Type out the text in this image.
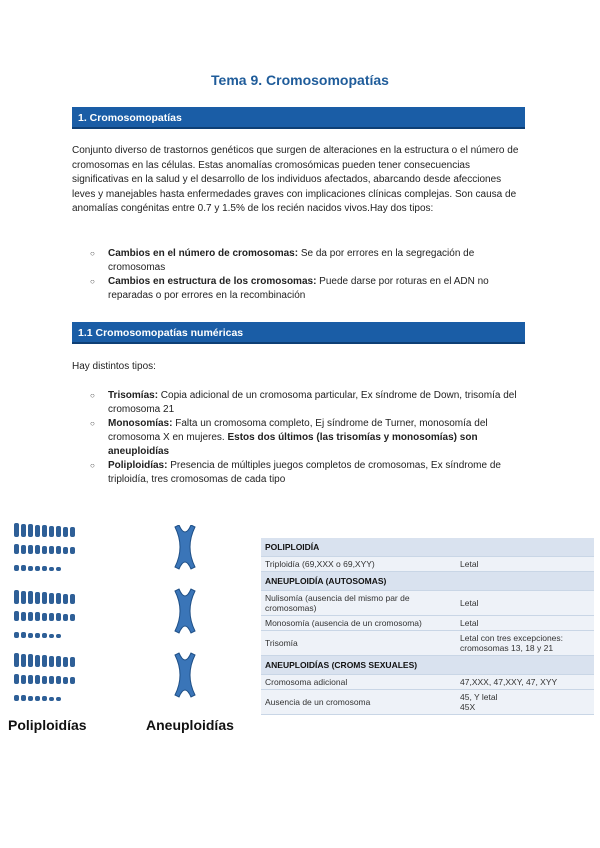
Tema 9. Cromosomopatías
1. Cromosomopatías

Conjunto diverso de trastornos genéticos que surgen de alteraciones en la estructura o el número de cromosomas en las células. Estas anomalías cromosómicas pueden tener consecuencias significativas en la salud y el desarrollo de los individuos afectados, abarcando desde afecciones leves y manejables hasta enfermedades graves con implicaciones clínicas complejas. Son causa de anomalías congénitas entre 0.7 y 1.5% de los recién nacidos vivos.Hay dos tipos:

○ Cambios en el número de cromosomas: Se da por errores en la segregación de cromosomas
○ Cambios en estructura de los cromosomas: Puede darse por roturas en el ADN no reparadas o por errores en la recombinación
1.1 Cromosomopatías numéricas

Hay distintos tipos:

○ Trisomías: Copia adicional de un cromosoma particular, Ex síndrome de Down, trisomía del cromosoma 21
○ Monosomías: Falta un cromosoma completo, Ej síndrome de Turner, monosomía del cromosoma X en mujeres. Estos dos últimos (las trisomías y monosomías) son aneuploidías
○ Poliploidías: Presencia de múltiples juegos completos de cromosomas, Ex síndrome de triploidía, tres cromosomas de cada tipo
Poliploidías	Aneuploidías
POLIPLOIDÍA	
Triploidía (69,XXX o 69,XYY)	Letal
ANEUPLOIDÍA (AUTOSOMAS)	
Nulisomía (ausencia del mismo par de cromosomas)	Letal
Monosomía (ausencia de un cromosoma)	Letal
Trisomía	Letal con tres excepciones: cromosomas 13, 18 y 21
ANEUPLOIDÍAS (CROMS SEXUALES)	
Cromosoma adicional	47,XXX, 47,XXY, 47, XYY
Ausencia de un cromosoma	45, Y letal
45X
